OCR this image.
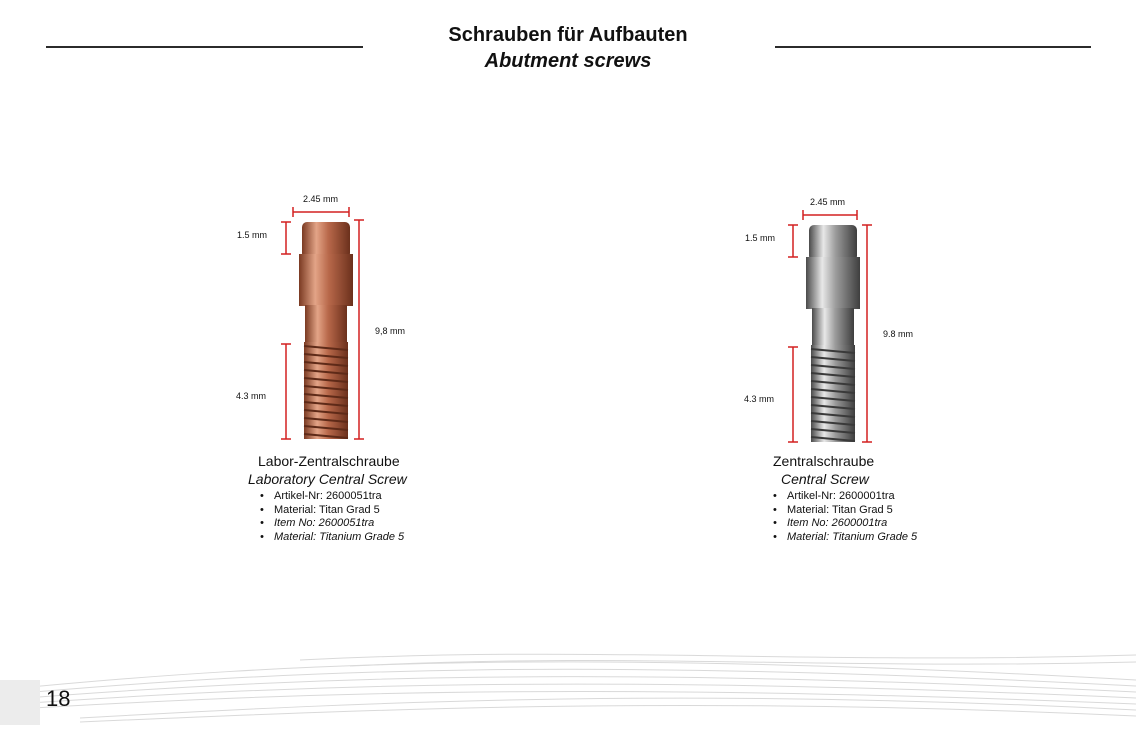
Schrauben für Aufbauten
Abutment screws
2.45 mm
1.5 mm
9,8 mm
4.3 mm
Labor-Zentralschraube
Laboratory Central Screw
• Artikel-Nr: 2600051tra
• Material: Titan Grad 5
• Item No: 2600051tra
• Material: Titanium Grade 5
2.45 mm
1.5 mm
9.8 mm
4.3 mm
Zentralschraube
Central Screw
• Artikel-Nr: 2600001tra
• Material: Titan Grad 5
• Item No: 2600001tra
• Material: Titanium Grade 5
18
